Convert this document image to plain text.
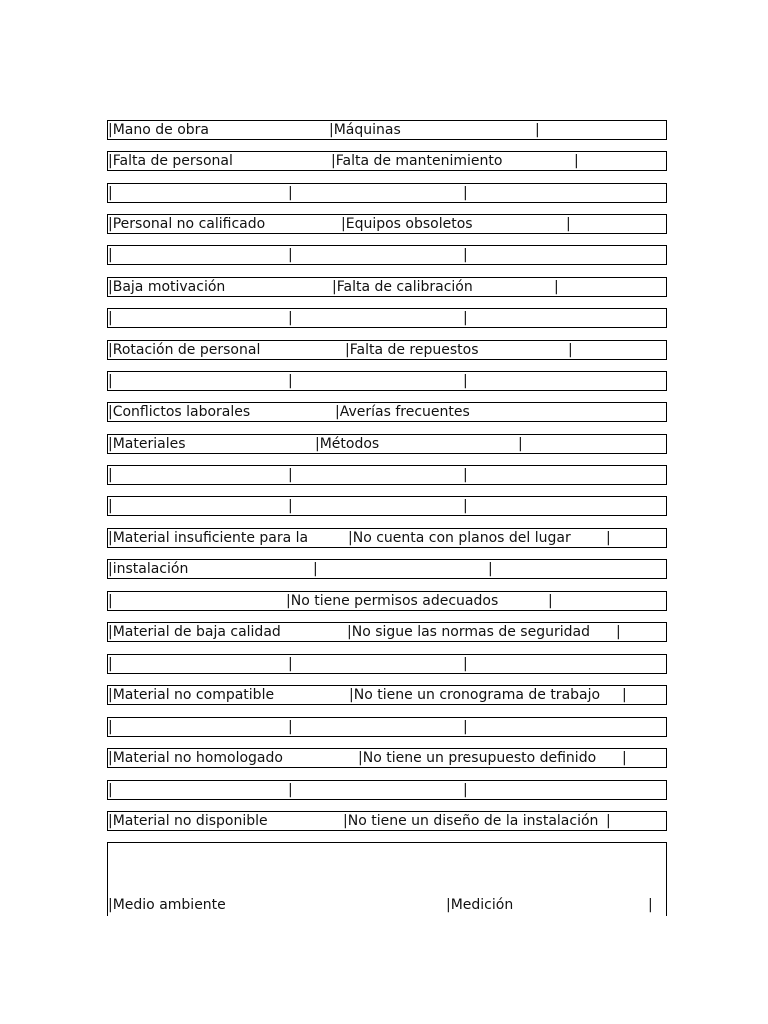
|Mano de obra	|Máquinas	|
|Falta de personal	|Falta de mantenimiento	|
|	|	|
|Personal no calificado	|Equipos obsoletos	|
|	|	|
|Baja motivación	|Falta de calibración	|
|	|	|
|Rotación de personal	|Falta de repuestos	|
|	|	|
|Conflictos laborales	|Averías frecuentes
|Materiales	|Métodos	|
|	|	|
|	|	|
|Material insuficiente para la	|No cuenta con planos del lugar	|
|instalación	|	|
|	|No tiene permisos adecuados	|
|Material de baja calidad	|No sigue las normas de seguridad |
|	|	|
|Material no compatible	|No tiene un cronograma de trabajo |
|	|	|
|Material no homologado	|No tiene un presupuesto definido |
|	|	|
|Material no disponible	|No tiene un diseño de la instalación |
|Medio ambiente	|Medición	|
